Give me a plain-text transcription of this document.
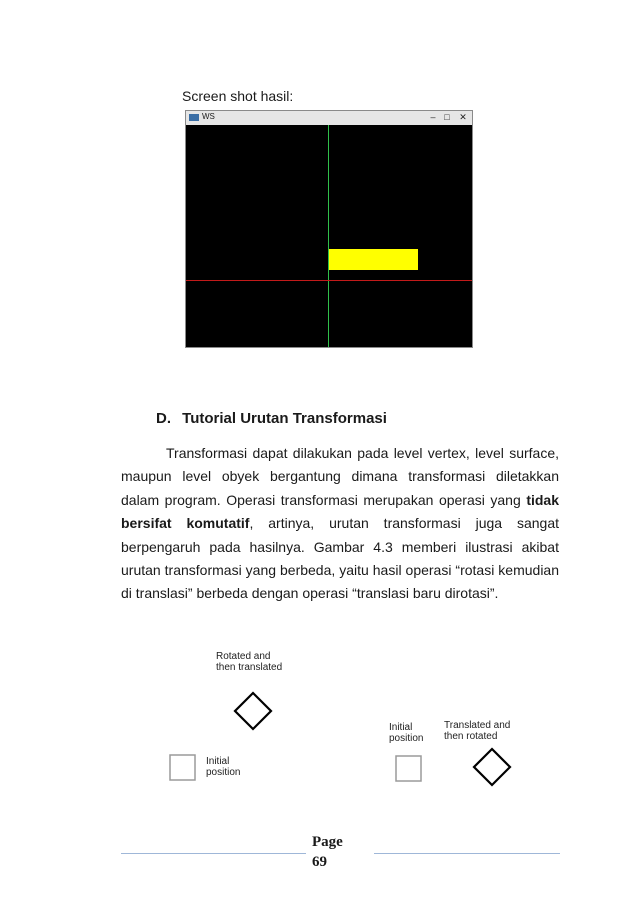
Screen shot hasil:
WS	– □	✕
D. Tutorial Urutan Transformasi

Transformasi dapat dilakukan pada level vertex, level surface, maupun level obyek bergantung dimana transformasi diletakkan dalam program. Operasi transformasi merupakan operasi yang tidak bersifat komutatif, artinya, urutan transformasi juga sangat berpengaruh pada hasilnya. Gambar 4.3 memberi ilustrasi akibat urutan transformasi yang berbeda, yaitu hasil operasi “rotasi kemudian di translasi” berbeda dengan operasi “translasi baru dirotasi”.

Rotated and
then translated
Initial
position
Initial
position
Translated and
then rotated
Page
69
